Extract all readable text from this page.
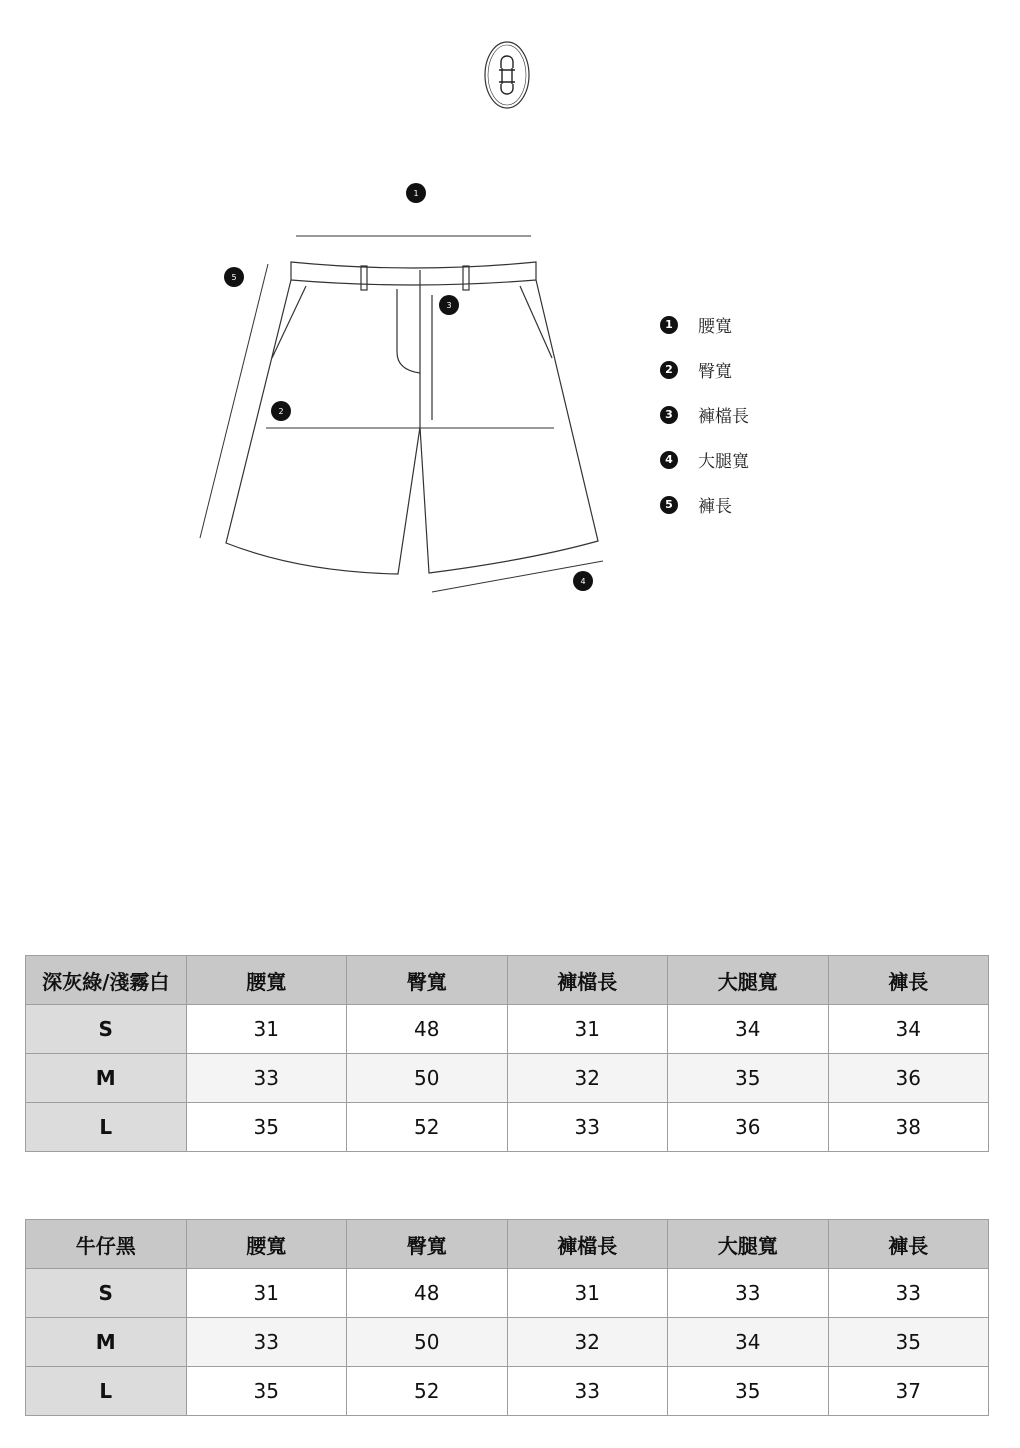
1
2
3
4
5
1	腰寬
2	臀寬
3	褲檔長
4	大腿寬
5	褲長
深灰綠/淺霧白	腰寬	臀寬	褲檔長	大腿寬	褲長
S	31	48	31	34	34
M	33	50	32	35	36
L	35	52	33	36	38
牛仔黑	腰寬	臀寬	褲檔長	大腿寬	褲長
S	31	48	31	33	33
M	33	50	32	34	35
L	35	52	33	35	37
